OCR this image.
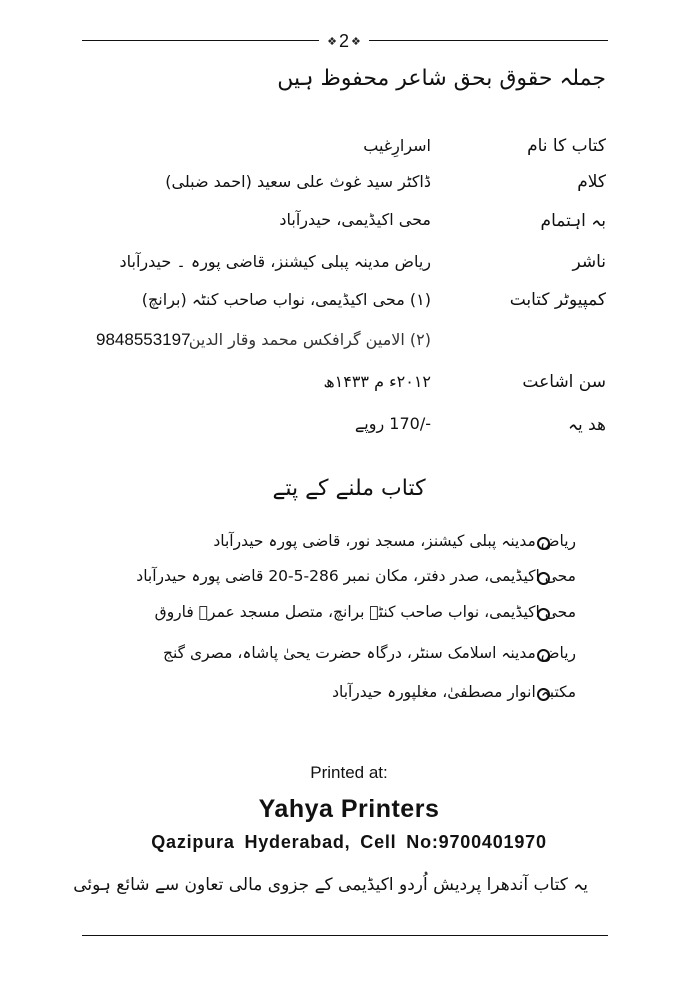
❖ 2 ❖
جملہ حقوق بحق شاعر محفوظ ہیں
کتاب کا نام
اسرارِغیب
کلام
ڈاکٹر سید غوث علی سعید (احمد ضبلی)
بہ اہتمام
محی اکیڈیمی، حیدرآباد
ناشر
ریاض مدینہ پبلی کیشنز، قاضی پورہ ۔ حیدرآباد
کمپیوٹر کتابت
(۱) محی اکیڈیمی، نواب صاحب کنٹہ (برانچ)
(۲) الامین گرافکس محمد وقار الدین
9848553197
سن اشاعت
۲۰۱۲ء م ۱۴۳۳ھ
هد یہ
-/170 روپے
کتاب ملنے کے پتے
ریاض مدینہ پبلی کیشنز، مسجد نور، قاضی پورہ حیدرآباد
محی اکیڈیمی، صدر دفتر، مکان نمبر 286-5-20 قاضی پورہ حیدرآباد
محی اکیڈیمی، نواب صاحب کنٹہ برانچ، متصل مسجد عمرؓ فاروق
ریاض مدینہ اسلامک سنٹر، درگاہ حضرت یحیٰ پاشاہ، مصری گنج
مکتبہ انوار مصطفیٰ، مغلپورہ حیدرآباد
Printed at:
Yahya Printers
Qazipura Hyderabad, Cell No:9700401970
یہ کتاب آندھرا پردیش اُردو اکیڈیمی کے جزوی مالی تعاون سے شائع ہوئی
